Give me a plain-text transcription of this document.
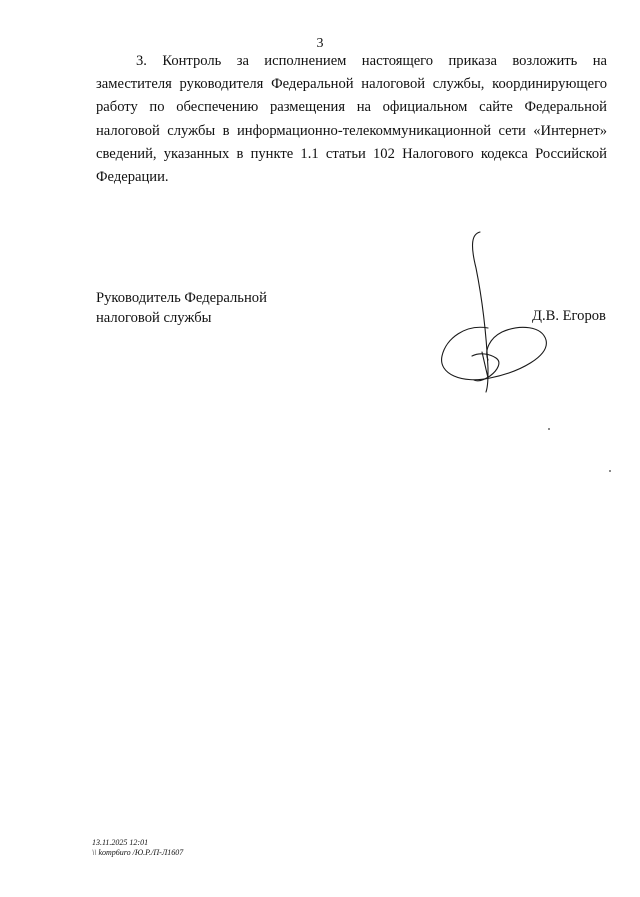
3

3. Контроль за исполнением настоящего приказа возложить на
заместителя руководителя Федеральной налоговой службы, координирующего
работу по обеспечению размещения на официальном сайте Федеральной
налоговой службы в информационно-телекоммуникационной сети «Интернет»
сведений, указанных в пункте 1.1 статьи 102 Налогового кодекса Российской
Федерации.

Руководитель Федеральной
налоговой службы	Д.В. Егоров
13.11.2025 12:01
\\ komp6uro /Ю.Р./П-Л1607
